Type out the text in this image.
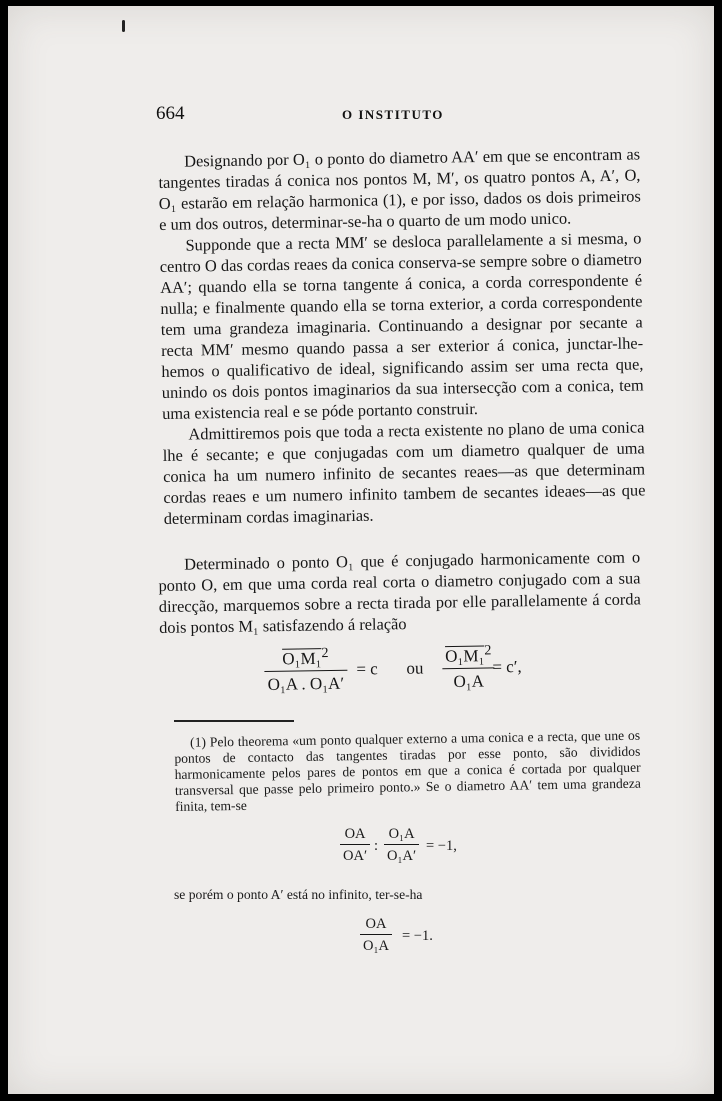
664	O INSTITUTO

Designando por O₁ o ponto do diametro AA′ em que se encontram as tangentes tiradas á conica nos pontos M, M′, os quatro pontos A, A′, O, O₁ estarão em relação harmonica (1), e por isso, dados os dois primeiros e um dos outros, determinar-se-ha o quarto de um modo unico.

Supponde que a recta MM′ se desloca parallelamente a si mesma, o centro O das cordas reaes da conica conserva-se sempre sobre o diametro AA′; quando ella se torna tangente á conica, a corda correspondente é nulla; e finalmente quando ella se torna exterior, a corda correspondente tem uma grandeza imaginaria. Continuando a designar por secante a recta MM′ mesmo quando passa a ser exterior á conica, junctar-lhe-hemos o qualificativo de ideal, significando assim ser uma recta que, unindo os dois pontos imaginarios da sua intersecção com a conica, tem uma existencia real e se póde portanto construir.

Admittiremos pois que toda a recta existente no plano de uma conica lhe é secante; e que conjugadas com um diametro qualquer de uma conica ha um numero infinito de secantes reaes—as que determinam cordas reaes e um numero infinito tambem de secantes ideaes—as que determinam cordas imaginarias.

Determinado o ponto O₁ que é conjugado harmonicamente com o ponto O, em que uma corda real corta o diametro conjugado com a sua direcção, marquemos sobre a recta tirada por elle parallelamente á corda dois pontos M₁ satisfazendo á relação

$\frac{O_1M_1^2}{\text{O₁A . O₁A′}} = c$ ou $\frac{O_1M_1^2}{\text{O₁A}}$
= c′,

(1) Pelo theorema «um ponto qualquer externo a uma conica e a recta, que une os pontos de contacto das tangentes tiradas por esse ponto, são divididos harmonicamente pelos pares de pontos em que a conica é cortada por qualquer transversal que passe pelo primeiro ponto.» Se o diametro AA′ tem uma grandeza finita, tem-se

$\frac{OA}{OA'}$ : $\frac{\text{O₁A}}{\text{O₁A′}} = -1$,
se porém o ponto A′ está no infinito, ter-se-ha
$\frac{OA}{\text{O₁A}} = -1$.
